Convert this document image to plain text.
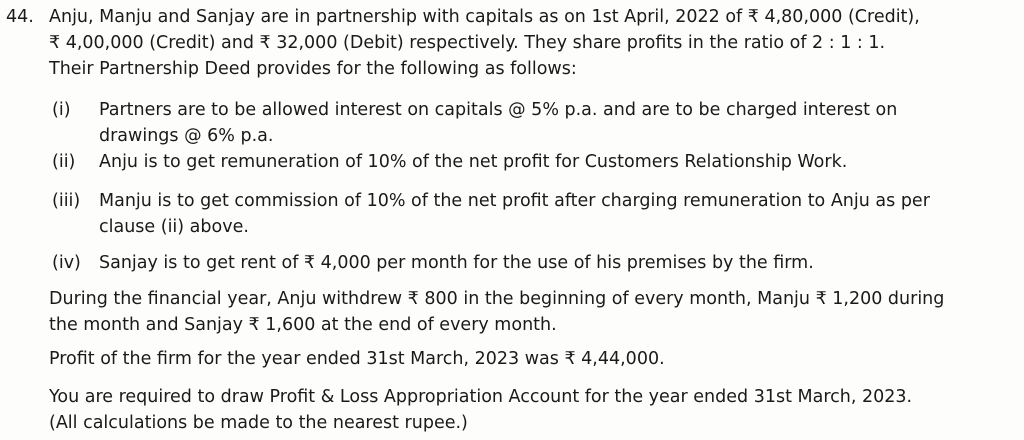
44. Anju, Manju and Sanjay are in partnership with capitals as on 1st April, 2022 of ₹ 4,80,000 (Credit),
₹ 4,00,000 (Credit) and ₹ 32,000 (Debit) respectively. They share profits in the ratio of 2 : 1 : 1.
Their Partnership Deed provides for the following as follows:

(i)	Partners are to be allowed interest on capitals @ 5% p.a. and are to be charged interest on
drawings @ 6% p.a.

(ii)	Anju is to get remuneration of 10% of the net profit for Customers Relationship Work.

(iii)	Manju is to get commission of 10% of the net profit after charging remuneration to Anju as per
clause (ii) above.

(iv)	Sanjay is to get rent of ₹ 4,000 per month for the use of his premises by the firm.

During the financial year, Anju withdrew ₹ 800 in the beginning of every month, Manju ₹ 1,200 during
the month and Sanjay ₹ 1,600 at the end of every month.

Profit of the firm for the year ended 31st March, 2023 was ₹ 4,44,000.

You are required to draw Profit & Loss Appropriation Account for the year ended 31st March, 2023.
(All calculations be made to the nearest rupee.)
